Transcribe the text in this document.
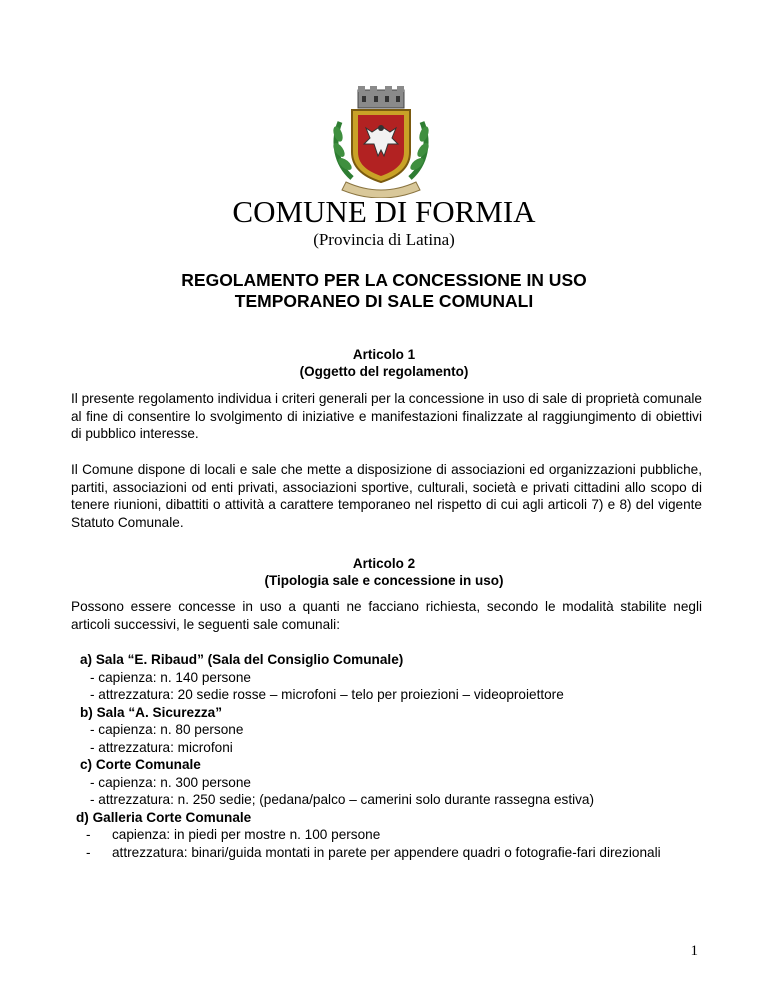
COMUNE DI FORMIA
(Provincia di Latina)
REGOLAMENTO PER LA CONCESSIONE IN USO
TEMPORANEO DI SALE COMUNALI
Articolo 1
(Oggetto del regolamento)

Il presente regolamento individua i criteri generali per la concessione in uso di sale di proprietà comunale al fine di consentire lo svolgimento di iniziative e manifestazioni finalizzate al raggiungimento di obiettivi di pubblico interesse.

Il Comune dispone di locali e sale che mette a disposizione di associazioni ed organizzazioni pubbliche, partiti, associazioni od enti privati, associazioni sportive, culturali, società e privati cittadini allo scopo di tenere riunioni, dibattiti o attività a carattere temporaneo nel rispetto di cui agli articoli 7) e 8) del vigente Statuto Comunale.

Articolo 2
(Tipologia sale e concessione in uso)

Possono essere concesse in uso a quanti ne facciano richiesta, secondo le modalità stabilite negli articoli successivi, le seguenti sale comunali:

a) Sala “E. Ribaud” (Sala del Consiglio Comunale)
- capienza: n. 140 persone
- attrezzatura: 20 sedie rosse – microfoni – telo per proiezioni – videoproiettore
b) Sala “A. Sicurezza”
- capienza: n. 80 persone
- attrezzatura: microfoni
c) Corte Comunale
- capienza: n. 300 persone
- attrezzatura: n. 250 sedie; (pedana/palco – camerini solo durante rassegna estiva)
d) Galleria Corte Comunale
-	capienza: in piedi per mostre n. 100 persone
-	attrezzatura: binari/guida montati in parete per appendere quadri o fotografie-fari direzionali
1
